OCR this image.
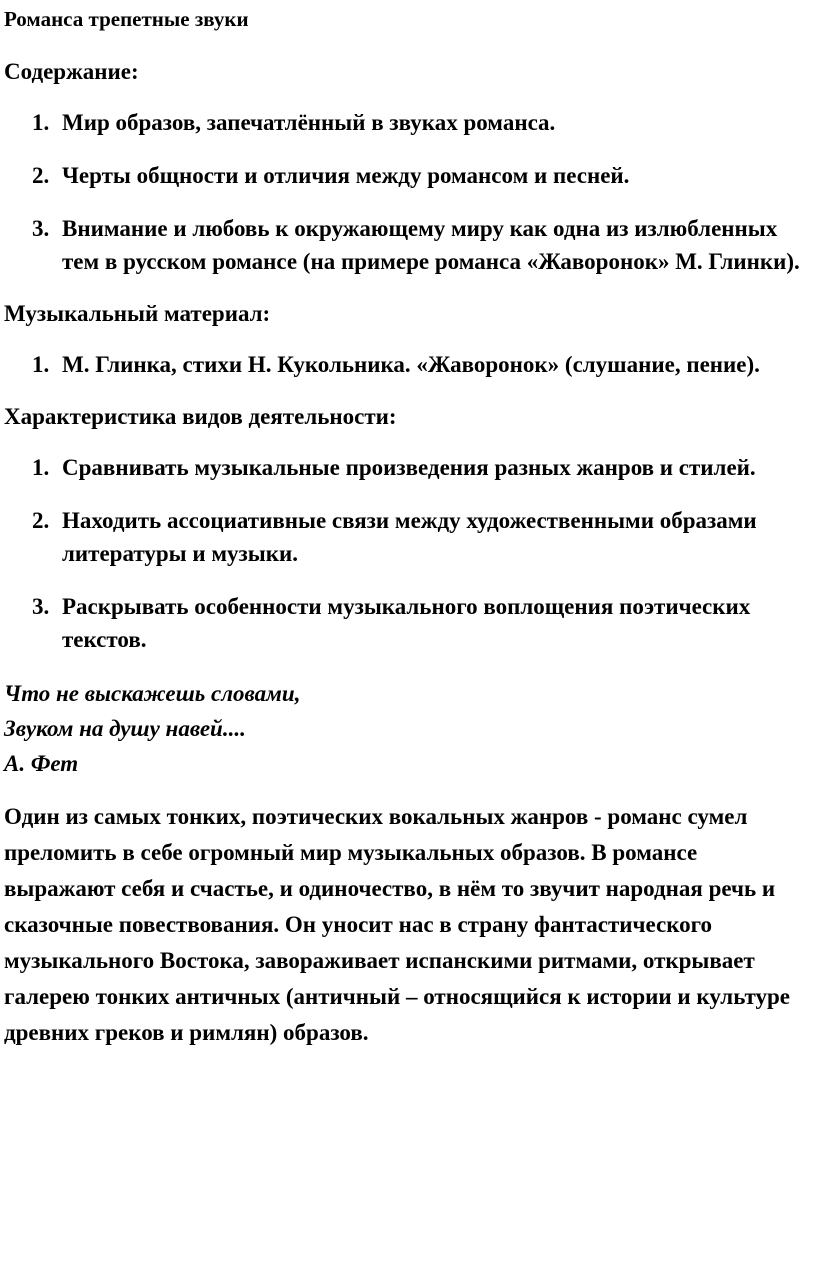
Романса трепетные звуки
Содержание:
1. Мир образов, запечатлённый в звуках романса.
2. Черты общности и отличия между романсом и песней.
3. Внимание и любовь к окружающему миру как одна из излюбленных тем в русском романсе (на примере романса «Жаворонок» М. Глинки).
Музыкальный материал:
1. М. Глинка, стихи Н. Кукольника. «Жаворонок» (слушание, пение).
Характеристика видов деятельности:
1. Сравнивать музыкальные произведения разных жанров и стилей.
2. Находить ассоциативные связи между художественными образами литературы и музыки.
3. Раскрывать особенности музыкального воплощения поэтических текстов.
Что не выскажешь словами,
Звуком на душу навей....
А. Фет
Один из самых тонких, поэтических вокальных жанров - романс сумел преломить в себе огромный мир музыкальных образов. В романсе выражают себя и счастье, и одиночество, в нём то звучит народная речь и сказочные повествования. Он уносит нас в страну фантастического музыкального Востока, завораживает испанскими ритмами, открывает галерею тонких античных (античный – относящийся к истории и культуре древних греков и римлян) образов.
